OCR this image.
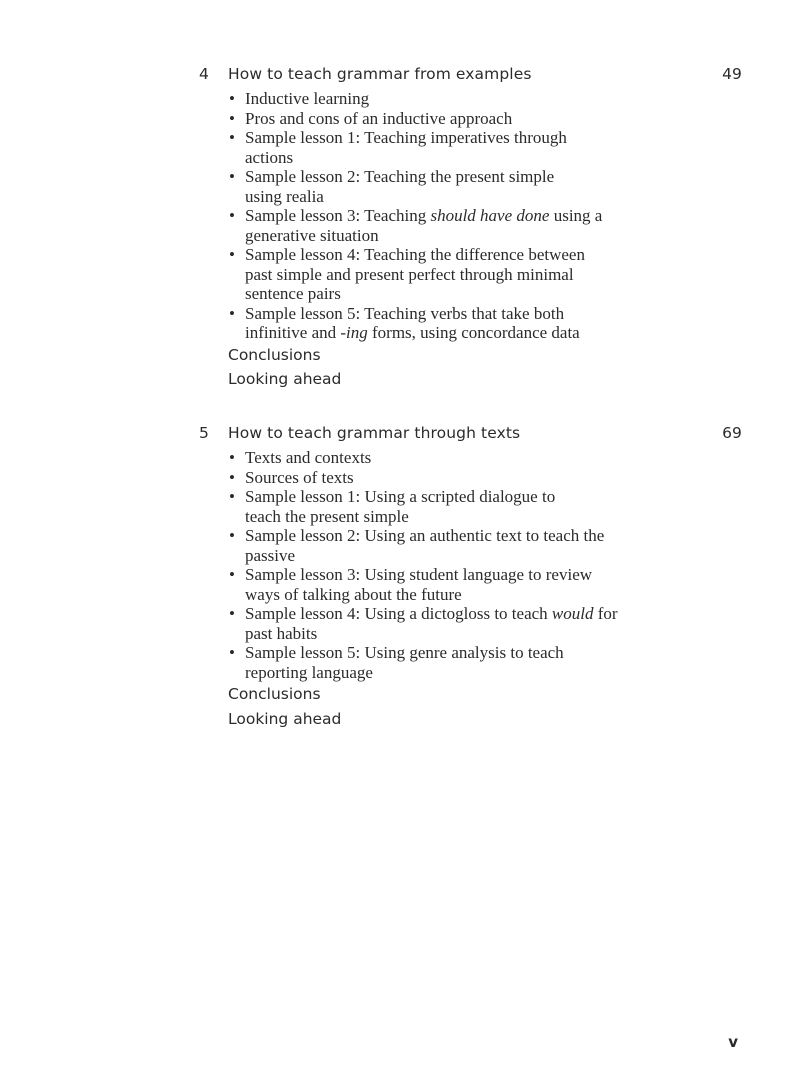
4 How to teach grammar from examples	49
• Inductive learning
• Pros and cons of an inductive approach
• Sample lesson 1: Teaching imperatives through actions
• Sample lesson 2: Teaching the present simple using realia
• Sample lesson 3: Teaching should have done using a generative situation
• Sample lesson 4: Teaching the difference between past simple and present perfect through minimal sentence pairs
• Sample lesson 5: Teaching verbs that take both infinitive and -ing forms, using concordance data
Conclusions
Looking ahead
5 How to teach grammar through texts	69
• Texts and contexts
• Sources of texts
• Sample lesson 1: Using a scripted dialogue to teach the present simple
• Sample lesson 2: Using an authentic text to teach the passive
• Sample lesson 3: Using student language to review ways of talking about the future
• Sample lesson 4: Using a dictogloss to teach would for past habits
• Sample lesson 5: Using genre analysis to teach reporting language
Conclusions
Looking ahead
v
